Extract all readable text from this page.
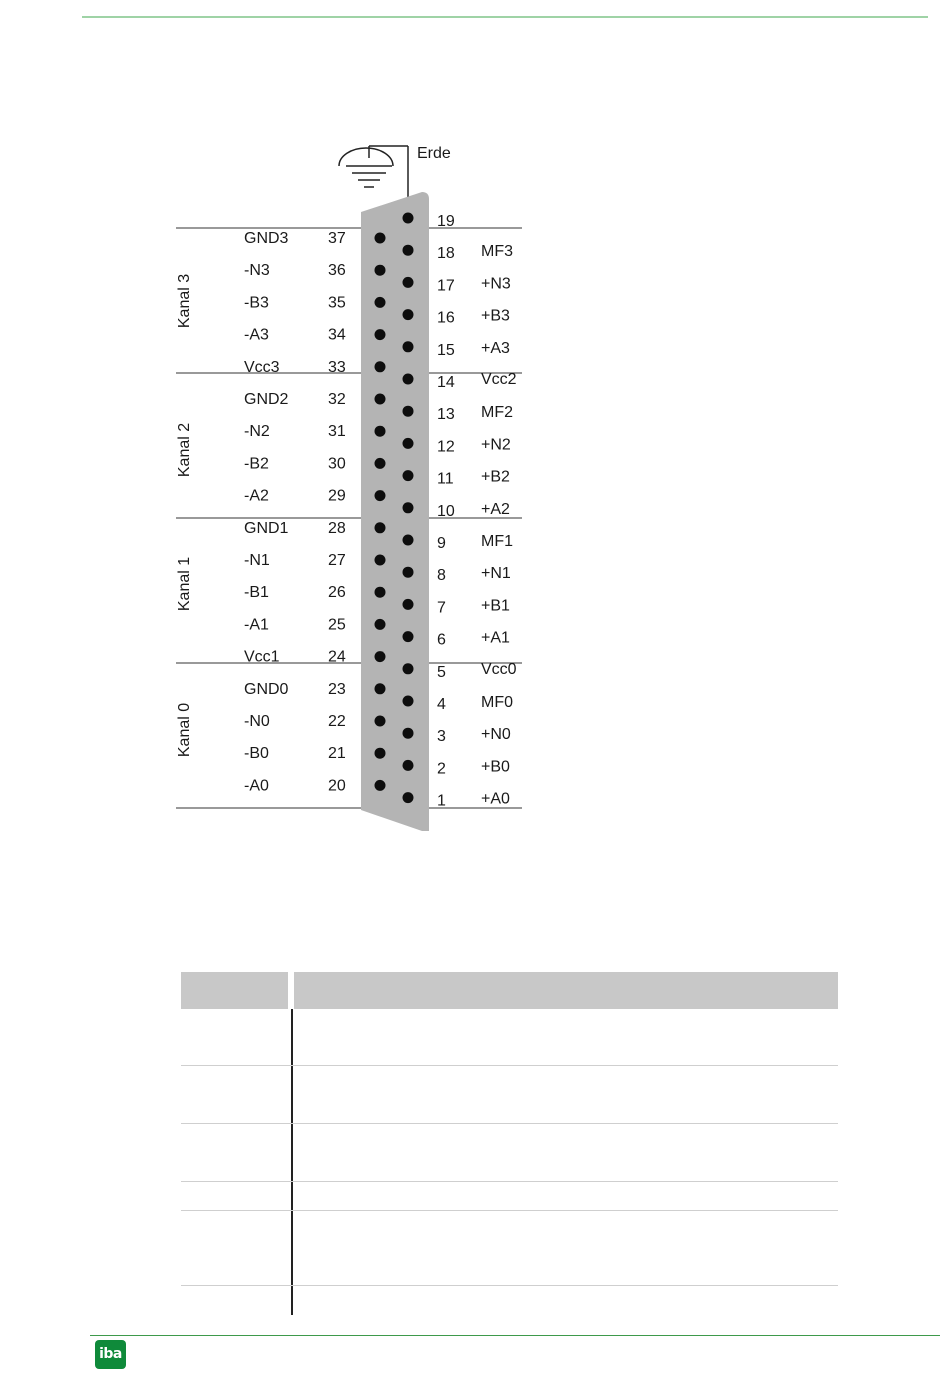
Erde
Kanal 3
Kanal 2
Kanal 1
Kanal 0
GND3 37
-N3	36
-B3	35
-A3	34
Vcc3	33
GND2 32
-N2	31
-B2	30
-A2	29
GND1 28
-N1	27
-B1	26
-A1	25
Vcc1	24
GND0 23
-N0	22
-B0	21
-A0	20
19
18 MF3
17 +N3
16 +B3
15 +A3
14 Vcc2
13 MF2
12 +N2
11 +B2
10 +A2
9 MF1
8 +N1
7 +B1
6 +A1
5 Vcc0
4 MF0
3 +N0
2 +B0
1 +A0
iba
